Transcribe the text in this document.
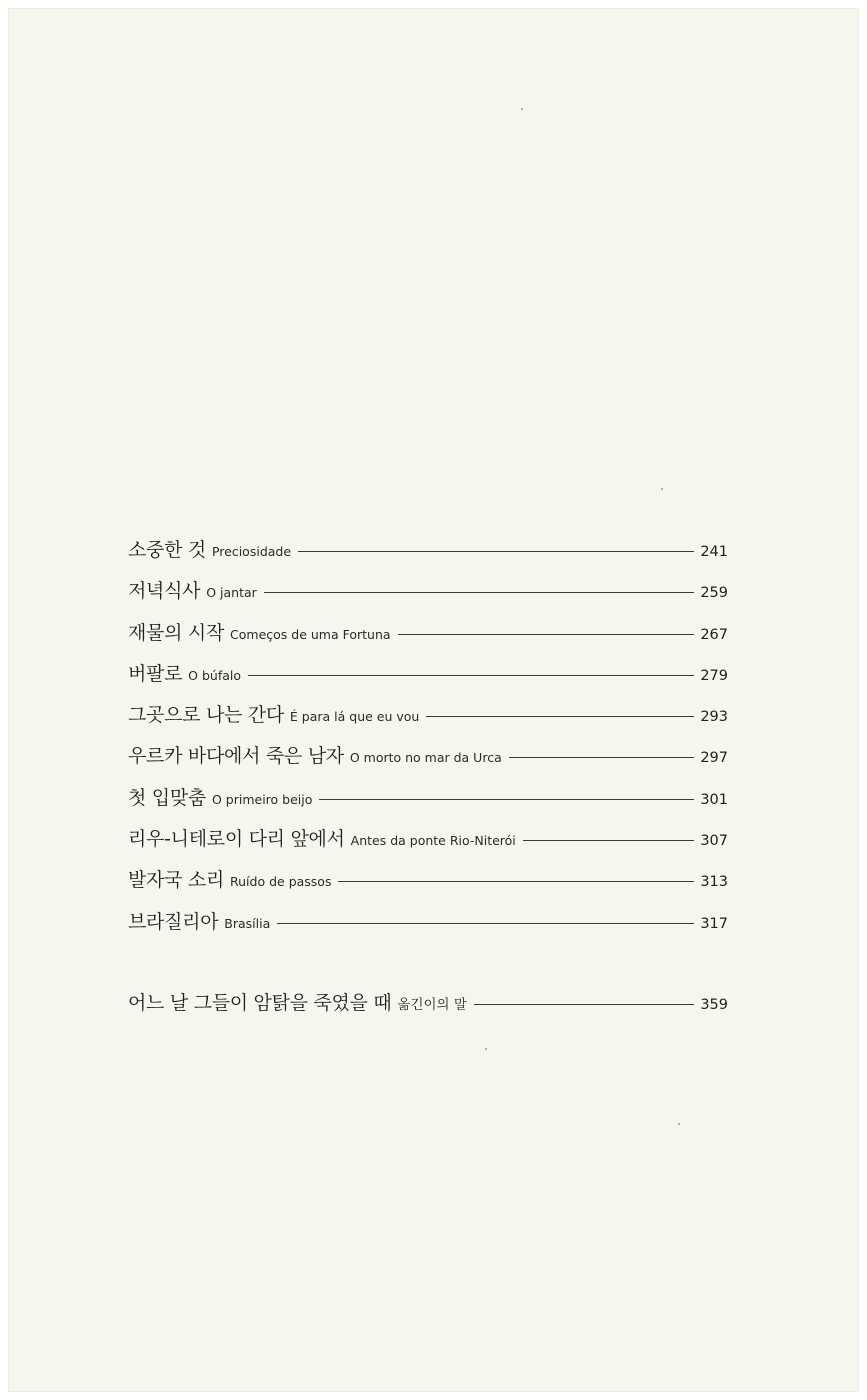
소중한 것 Preciosidade	241
저녁식사 O jantar	259
재물의 시작 Começos de uma Fortuna	267
버팔로 O búfalo	279
그곳으로 나는 간다 É para lá que eu vou	293
우르카 바다에서 죽은 남자 O morto no mar da Urca	297
첫 입맞춤 O primeiro beijo	301
리우-니테로이 다리 앞에서 Antes da ponte Rio-Niterói	307
발자국 소리 Ruído de passos	313
브라질리아 Brasília	317
어느 날 그들이 암탉을 죽였을 때 옮긴이의 말	359
